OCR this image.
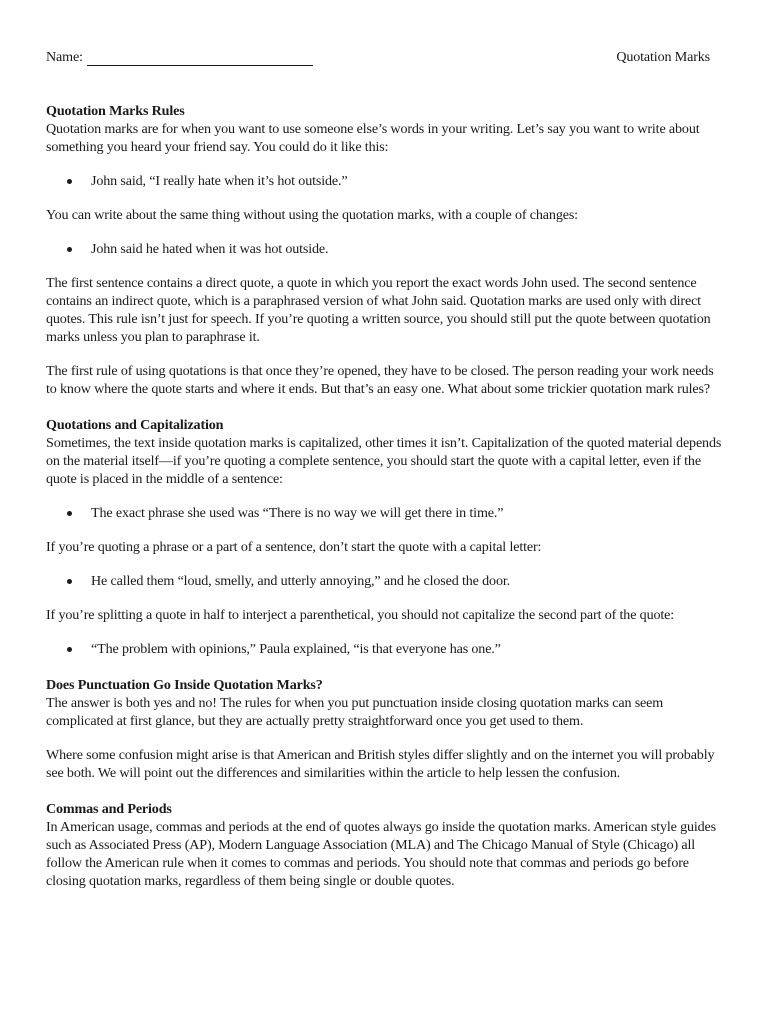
Name:	Quotation Marks
Quotation Marks Rules

Quotation marks are for when you want to use someone else’s words in your writing. Let’s say you want to write about something you heard your friend say. You could do it like this:

John said, “I really hate when it’s hot outside.”

You can write about the same thing without using the quotation marks, with a couple of changes:

John said he hated when it was hot outside.

The first sentence contains a direct quote, a quote in which you report the exact words John used. The second sentence contains an indirect quote, which is a paraphrased version of what John said. Quotation marks are used only with direct quotes. This rule isn’t just for speech. If you’re quoting a written source, you should still put the quote between quotation marks unless you plan to paraphrase it.

The first rule of using quotations is that once they’re opened, they have to be closed. The person reading your work needs to know where the quote starts and where it ends. But that’s an easy one. What about some trickier quotation mark rules?

Quotations and Capitalization

Sometimes, the text inside quotation marks is capitalized, other times it isn’t. Capitalization of the quoted material depends on the material itself—if you’re quoting a complete sentence, you should start the quote with a capital letter, even if the quote is placed in the middle of a sentence:

The exact phrase she used was “There is no way we will get there in time.”

If you’re quoting a phrase or a part of a sentence, don’t start the quote with a capital letter:

He called them “loud, smelly, and utterly annoying,” and he closed the door.

If you’re splitting a quote in half to interject a parenthetical, you should not capitalize the second part of the quote:

“The problem with opinions,” Paula explained, “is that everyone has one.”
Does Punctuation Go Inside Quotation Marks?

The answer is both yes and no! The rules for when you put punctuation inside closing quotation marks can seem complicated at first glance, but they are actually pretty straightforward once you get used to them.

Where some confusion might arise is that American and British styles differ slightly and on the internet you will probably see both. We will point out the differences and similarities within the article to help lessen the confusion.

Commas and Periods

In American usage, commas and periods at the end of quotes always go inside the quotation marks. American style guides such as Associated Press (AP), Modern Language Association (MLA) and The Chicago Manual of Style (Chicago) all follow the American rule when it comes to commas and periods. You should note that commas and periods go before closing quotation marks, regardless of them being single or double quotes.
